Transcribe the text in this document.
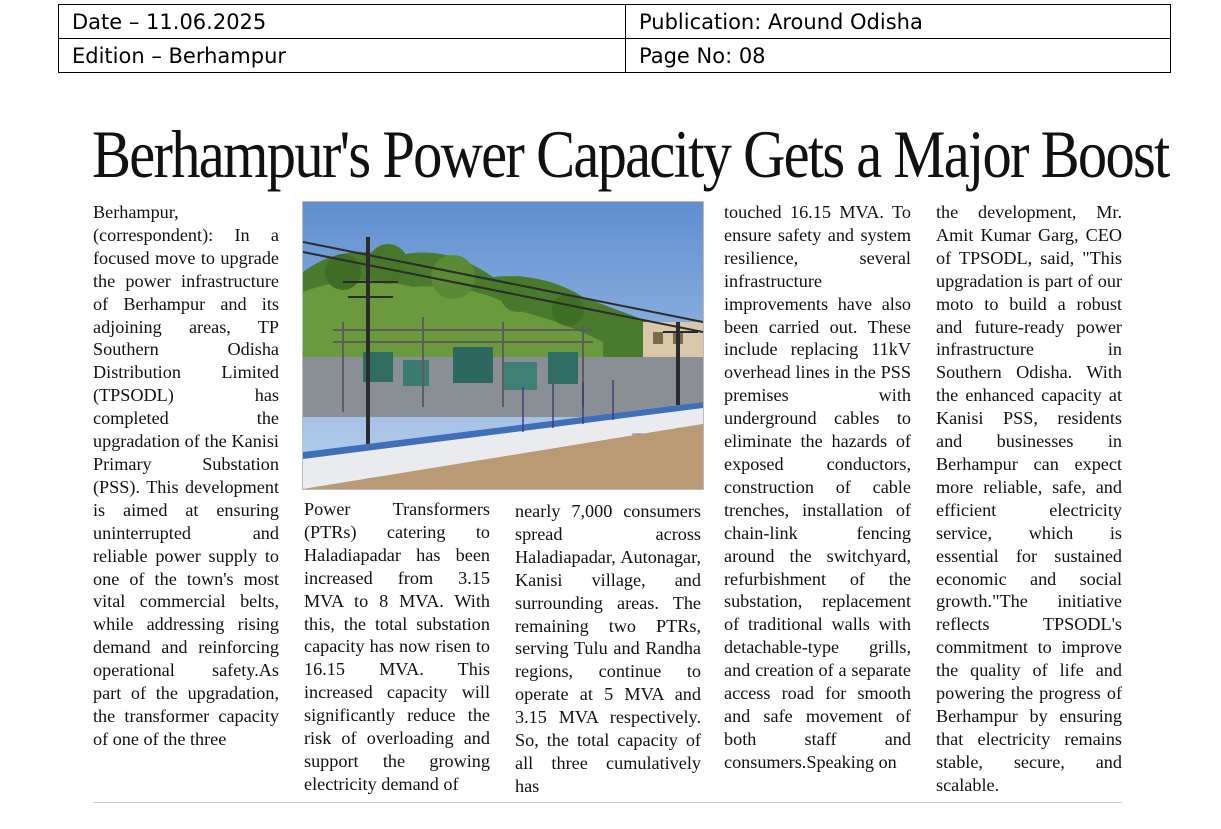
Date – 11.06.2025	Publication: Around Odisha
Edition – Berhampur	Page No: 08
Berhampur's Power Capacity Gets a Major Boost
Berhampur, (correspondent): In a focused move to upgrade the power infrastructure of Berhampur and its adjoining areas, TP Southern Odisha Distribution Limited (TPSODL) has completed the upgradation of the Kanisi Primary Substation (PSS). This development is aimed at ensuring uninterrupted and reliable power supply to one of the town's most vital commercial belts, while addressing rising demand and reinforcing operational safety.As part of the upgradation, the transformer capacity of one of the three
Power Transformers (PTRs) catering to Haladiapadar has been increased from 3.15 MVA to 8 MVA. With this, the total substation capacity has now risen to 16.15 MVA. This increased capacity will significantly reduce the risk of overloading and support the growing electricity demand of
nearly 7,000 consumers spread across Haladiapadar, Autonagar, Kanisi village, and surrounding areas. The remaining two PTRs, serving Tulu and Randha regions, continue to operate at 5 MVA and 3.15 MVA respectively. So, the total capacity of all three cumulatively has
touched 16.15 MVA. To ensure safety and system resilience, several infrastructure improvements have also been carried out. These include replacing 11kV overhead lines in the PSS premises with underground cables to eliminate the hazards of exposed conductors, construction of cable trenches, installation of chain-link fencing around the switchyard, refurbishment of the substation, replacement of traditional walls with detachable-type grills, and creation of a separate access road for smooth and safe movement of both staff and consumers.Speaking on
the development, Mr. Amit Kumar Garg, CEO of TPSODL, said, "This upgradation is part of our moto to build a robust and future-ready power infrastructure in Southern Odisha. With the enhanced capacity at Kanisi PSS, residents and businesses in Berhampur can expect more reliable, safe, and efficient electricity service, which is essential for sustained economic and social growth."The initiative reflects TPSODL's commitment to improve the quality of life and powering the progress of Berhampur by ensuring that electricity remains stable, secure, and scalable.
